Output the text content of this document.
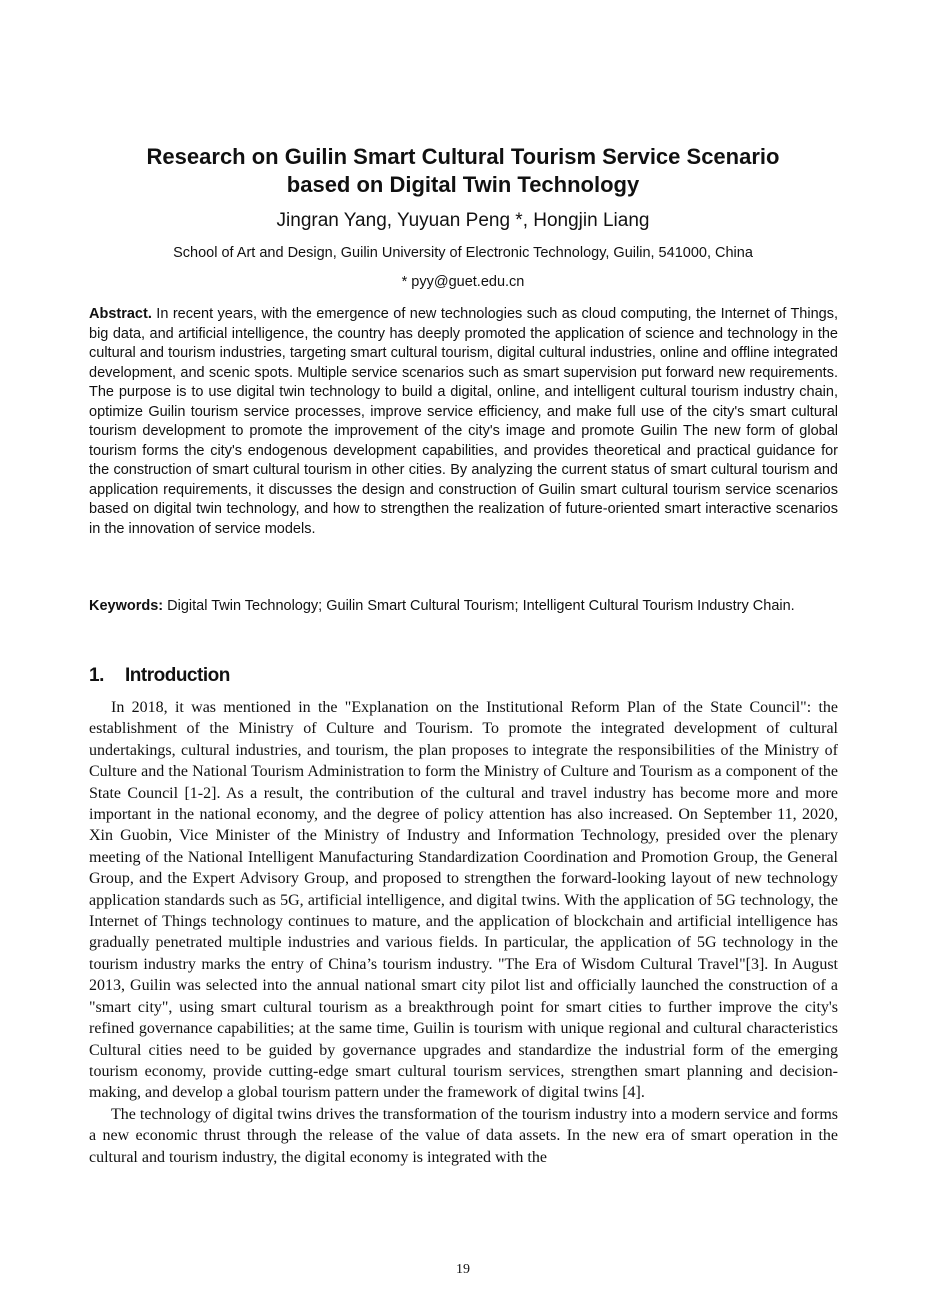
Research on Guilin Smart Cultural Tourism Service Scenario
based on Digital Twin Technology
Jingran Yang, Yuyuan Peng *, Hongjin Liang
School of Art and Design, Guilin University of Electronic Technology, Guilin, 541000, China
* pyy@guet.edu.cn

Abstract. In recent years, with the emergence of new technologies such as cloud computing, the Internet of Things, big data, and artificial intelligence, the country has deeply promoted the application of science and technology in the cultural and tourism industries, targeting smart cultural tourism, digital cultural industries, online and offline integrated development, and scenic spots. Multiple service scenarios such as smart supervision put forward new requirements. The purpose is to use digital twin technology to build a digital, online, and intelligent cultural tourism industry chain, optimize Guilin tourism service processes, improve service efficiency, and make full use of the city's smart cultural tourism development to promote the improvement of the city's image and promote Guilin The new form of global tourism forms the city's endogenous development capabilities, and provides theoretical and practical guidance for the construction of smart cultural tourism in other cities. By analyzing the current status of smart cultural tourism and application requirements, it discusses the design and construction of Guilin smart cultural tourism service scenarios based on digital twin technology, and how to strengthen the realization of future-oriented smart interactive scenarios in the innovation of service models.

Keywords: Digital Twin Technology; Guilin Smart Cultural Tourism; Intelligent Cultural Tourism Industry Chain.

1. Introduction

In 2018, it was mentioned in the "Explanation on the Institutional Reform Plan of the State Council": the establishment of the Ministry of Culture and Tourism. To promote the integrated development of cultural undertakings, cultural industries, and tourism, the plan proposes to integrate the responsibilities of the Ministry of Culture and the National Tourism Administration to form the Ministry of Culture and Tourism as a component of the State Council [1-2]. As a result, the contribution of the cultural and travel industry has become more and more important in the national economy, and the degree of policy attention has also increased. On September 11, 2020, Xin Guobin, Vice Minister of the Ministry of Industry and Information Technology, presided over the plenary meeting of the National Intelligent Manufacturing Standardization Coordination and Promotion Group, the General Group, and the Expert Advisory Group, and proposed to strengthen the forward-looking layout of new technology application standards such as 5G, artificial intelligence, and digital twins. With the application of 5G technology, the Internet of Things technology continues to mature, and the application of blockchain and artificial intelligence has gradually penetrated multiple industries and various fields. In particular, the application of 5G technology in the tourism industry marks the entry of China’s tourism industry. "The Era of Wisdom Cultural Travel"[3]. In August 2013, Guilin was selected into the annual national smart city pilot list and officially launched the construction of a "smart city", using smart cultural tourism as a breakthrough point for smart cities to further improve the city's refined governance capabilities; at the same time, Guilin is tourism with unique regional and cultural characteristics Cultural cities need to be guided by governance upgrades and standardize the industrial form of the emerging tourism economy, provide cutting-edge smart cultural tourism services, strengthen smart planning and decision-making, and develop a global tourism pattern under the framework of digital twins [4].

The technology of digital twins drives the transformation of the tourism industry into a modern service and forms a new economic thrust through the release of the value of data assets. In the new era of smart operation in the cultural and tourism industry, the digital economy is integrated with the

19
